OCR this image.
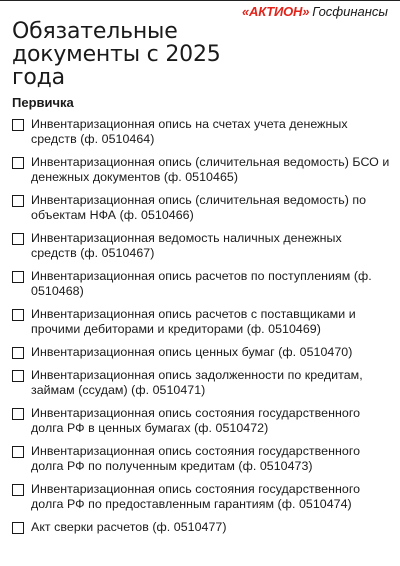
«АКТИОН» Госфинансы
Обязательные документы с 2025 года
Первичка
Инвентаризационная опись на счетах учета денежных средств (ф. 0510464)
Инвентаризационная опись (сличительная ведомость) БСО и денежных документов (ф. 0510465)
Инвентаризационная опись (сличительная ведомость) по объектам НФА (ф. 0510466)
Инвентаризационная ведомость наличных денежных средств (ф. 0510467)
Инвентаризационная опись расчетов по поступлениям (ф. 0510468)
Инвентаризационная опись расчетов с поставщиками и прочими дебиторами и кредиторами (ф. 0510469)
Инвентаризационная опись ценных бумаг (ф. 0510470)
Инвентаризационная опись задолженности по кредитам, займам (ссудам) (ф. 0510471)
Инвентаризационная опись состояния государственного долга РФ в ценных бумагах (ф. 0510472)
Инвентаризационная опись состояния государственного долга РФ по полученным кредитам (ф. 0510473)
Инвентаризационная опись состояния государственного долга РФ по предоставленным гарантиям (ф. 0510474)
Акт сверки расчетов (ф. 0510477)
